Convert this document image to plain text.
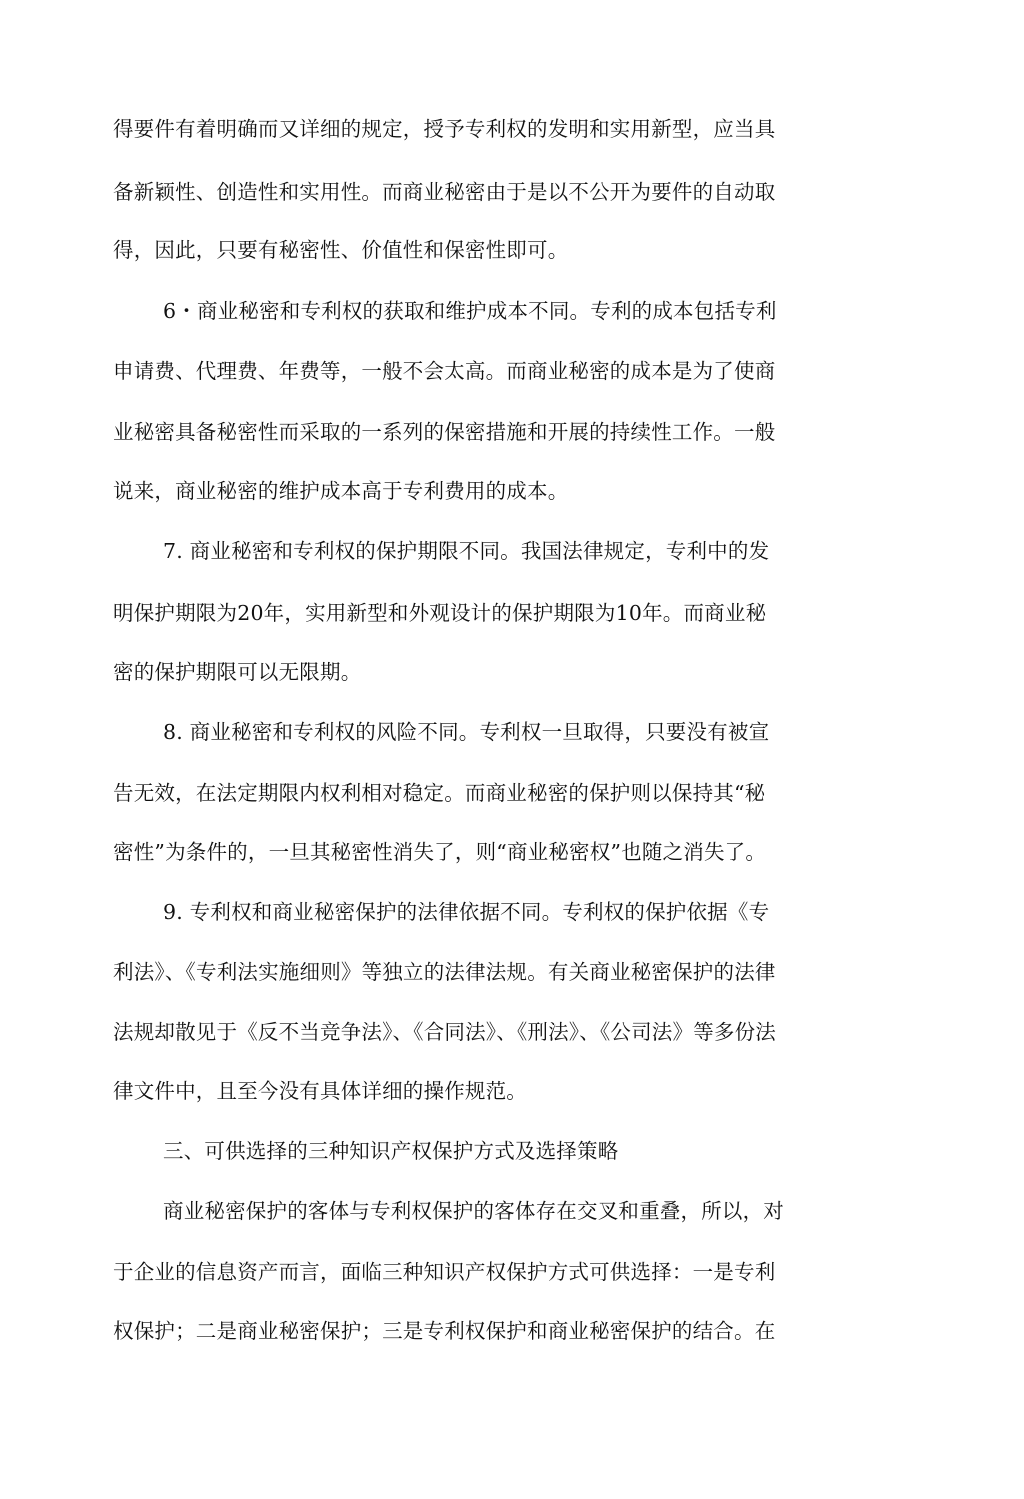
得要件有着明确而又详细的规定，授予专利权的发明和实用新型，应当具
备新颖性、创造性和实用性。而商业秘密由于是以不公开为要件的自动取
得，因此，只要有秘密性、价值性和保密性即可。
6・商业秘密和专利权的获取和维护成本不同。专利的成本包括专利
申请费、代理费、年费等，一般不会太高。而商业秘密的成本是为了使商
业秘密具备秘密性而采取的一系列的保密措施和开展的持续性工作。一般
说来，商业秘密的维护成本高于专利费用的成本。
7. 商业秘密和专利权的保护期限不同。我国法律规定，专利中的发
明保护期限为20年，实用新型和外观设计的保护期限为10年。而商业秘
密的保护期限可以无限期。
8. 商业秘密和专利权的风险不同。专利权一旦取得，只要没有被宣
告无效，在法定期限内权利相对稳定。而商业秘密的保护则以保持其“秘
密性”为条件的，一旦其秘密性消失了，则“商业秘密权”也随之消失了。
9. 专利权和商业秘密保护的法律依据不同。专利权的保护依据《专
利法》、《专利法实施细则》等独立的法律法规。有关商业秘密保护的法律
法规却散见于《反不当竞争法》、《合同法》、《刑法》、《公司法》等多份法
律文件中，且至今没有具体详细的操作规范。
三、可供选择的三种知识产权保护方式及选择策略
商业秘密保护的客体与专利权保护的客体存在交叉和重叠，所以，对
于企业的信息资产而言，面临三种知识产权保护方式可供选择：一是专利
权保护；二是商业秘密保护；三是专利权保护和商业秘密保护的结合。在
